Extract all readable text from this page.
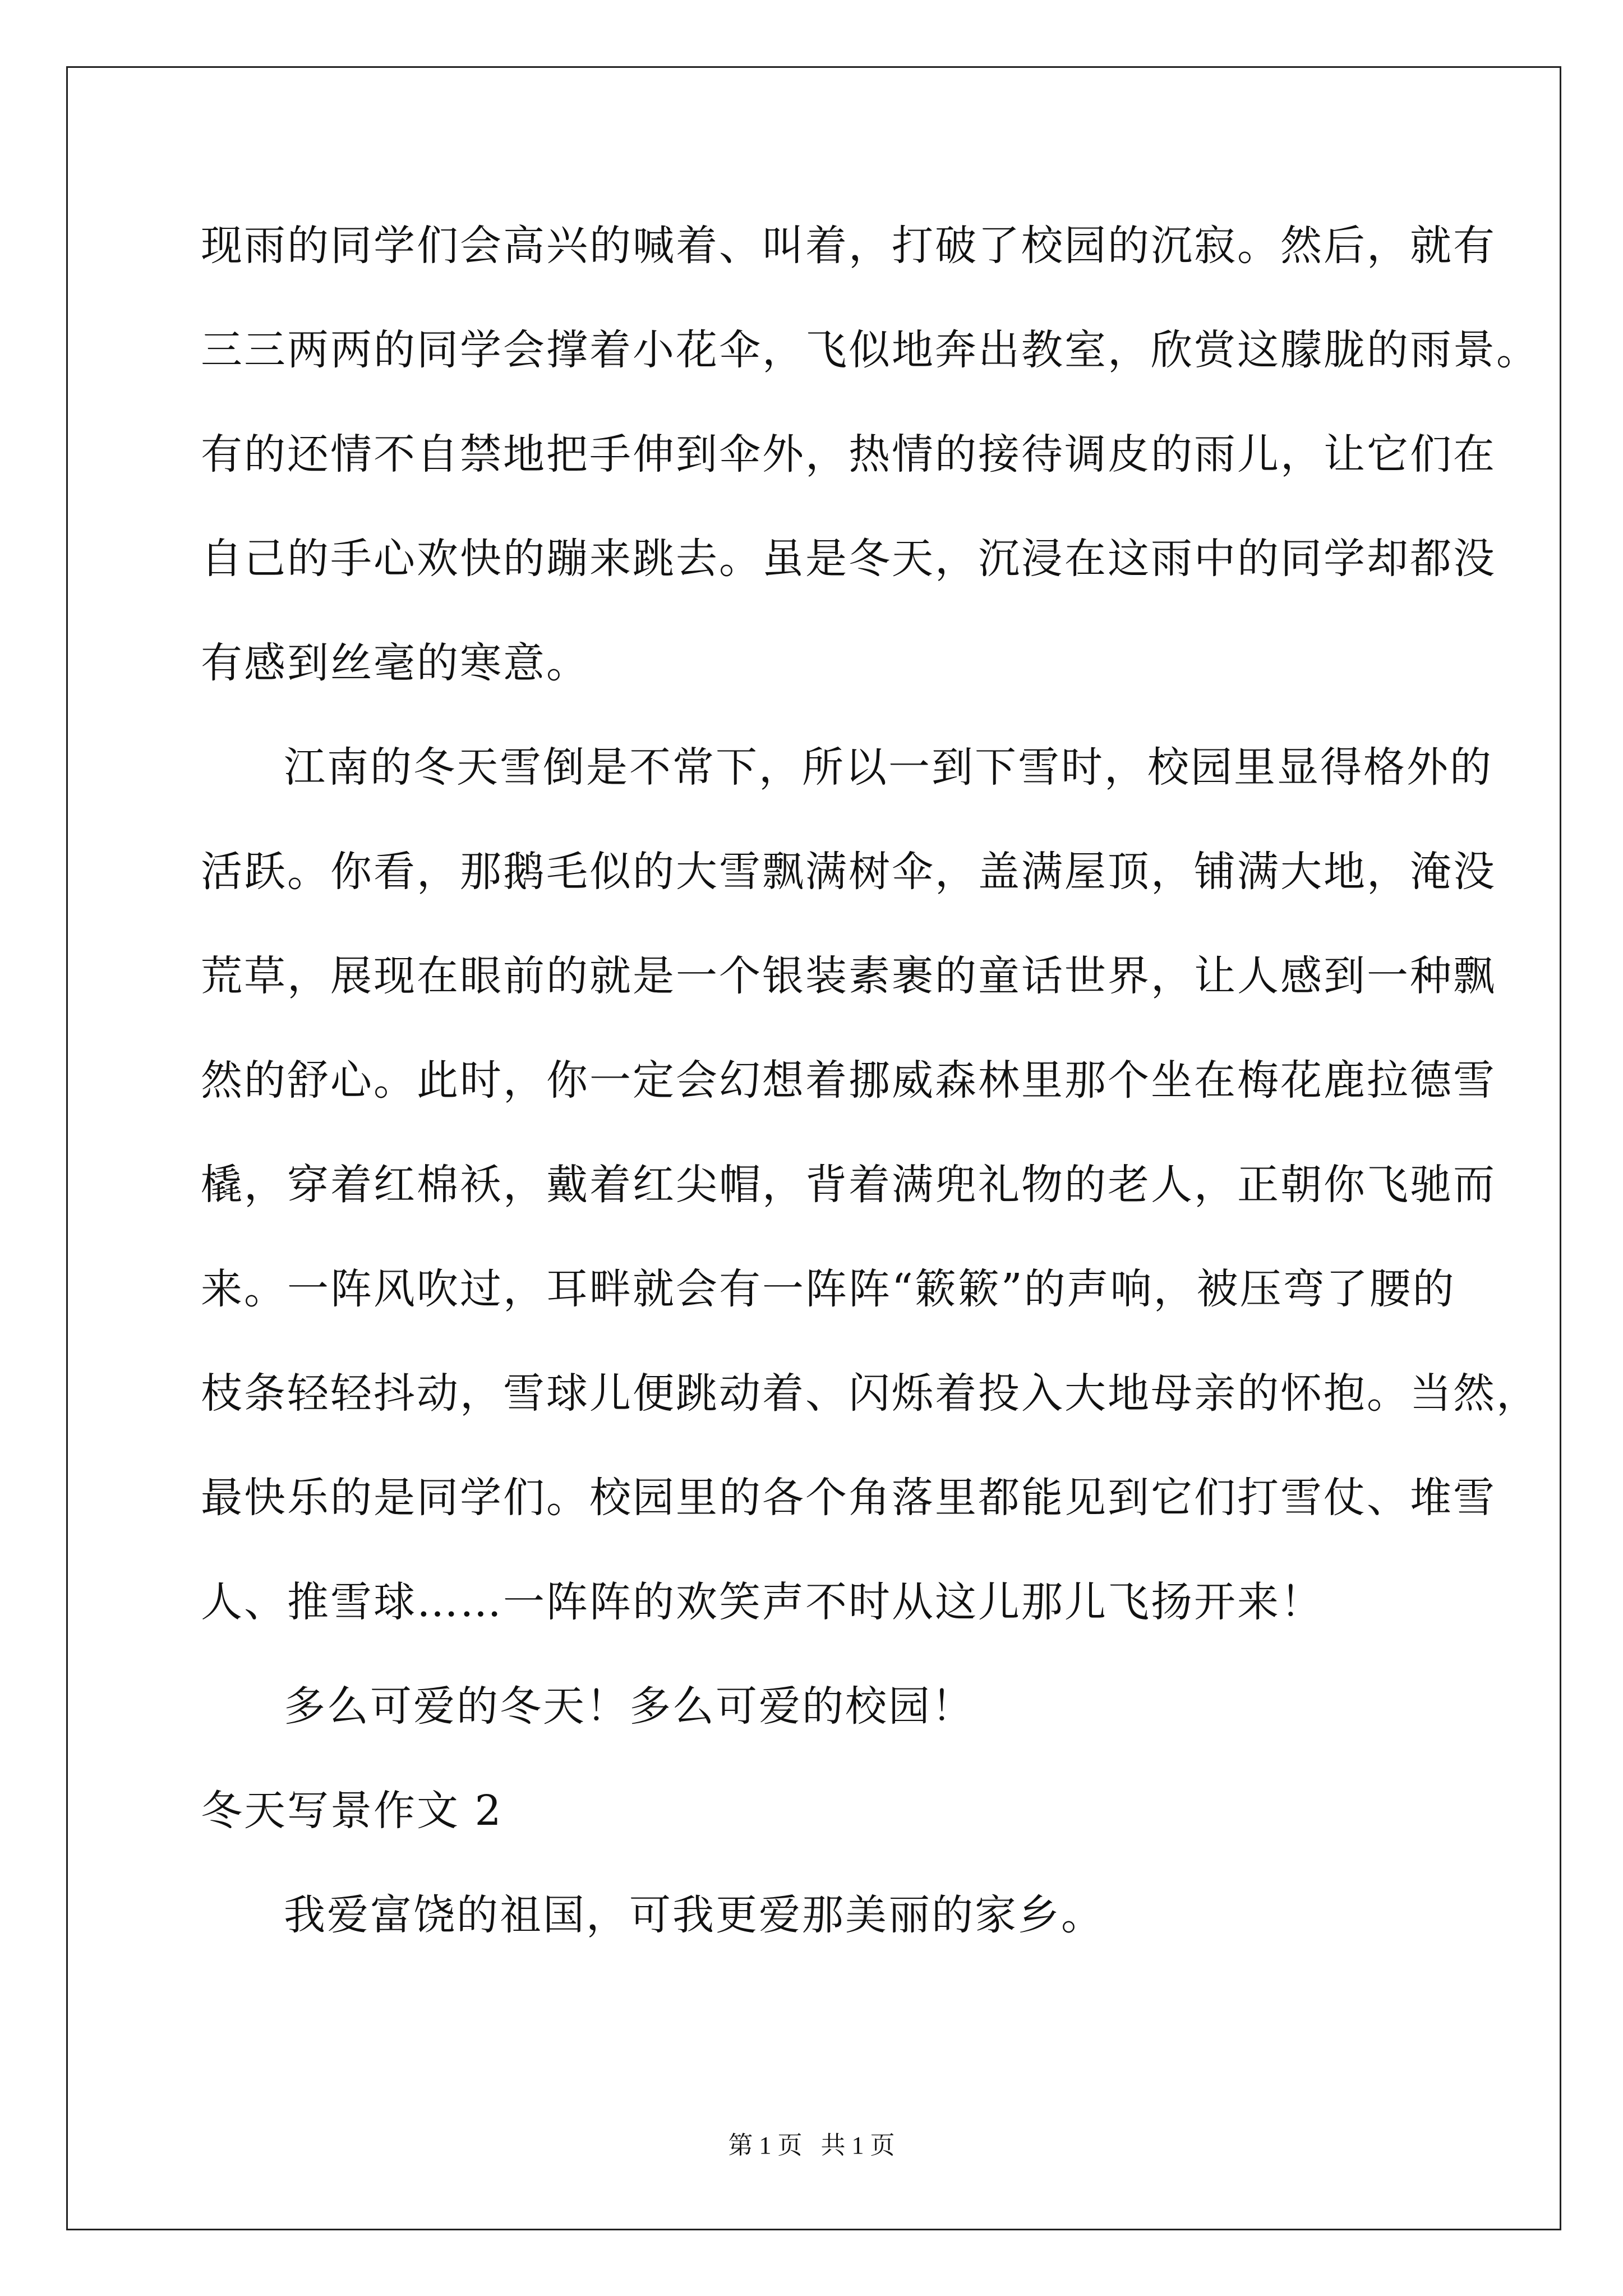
现雨的同学们会高兴的喊着、叫着，打破了校园的沉寂。然后，就有
三三两两的同学会撑着小花伞，飞似地奔出教室，欣赏这朦胧的雨景。
有的还情不自禁地把手伸到伞外，热情的接待调皮的雨儿，让它们在
自己的手心欢快的蹦来跳去。虽是冬天，沉浸在这雨中的同学却都没
有感到丝毫的寒意。
江南的冬天雪倒是不常下，所以一到下雪时，校园里显得格外的
活跃。你看，那鹅毛似的大雪飘满树伞，盖满屋顶，铺满大地，淹没
荒草，展现在眼前的就是一个银装素裹的童话世界，让人感到一种飘
然的舒心。此时，你一定会幻想着挪威森林里那个坐在梅花鹿拉德雪
橇，穿着红棉袄，戴着红尖帽，背着满兜礼物的老人，正朝你飞驰而
来。一阵风吹过，耳畔就会有一阵阵“簌簌”的声响，被压弯了腰的
枝条轻轻抖动，雪球儿便跳动着、闪烁着投入大地母亲的怀抱。当然，
最快乐的是同学们。校园里的各个角落里都能见到它们打雪仗、堆雪
人、推雪球……一阵阵的欢笑声不时从这儿那儿飞扬开来！
多么可爱的冬天！多么可爱的校园！
冬天写景作文 2
我爱富饶的祖国，可我更爱那美丽的家乡。
第 1 页   共 1 页
